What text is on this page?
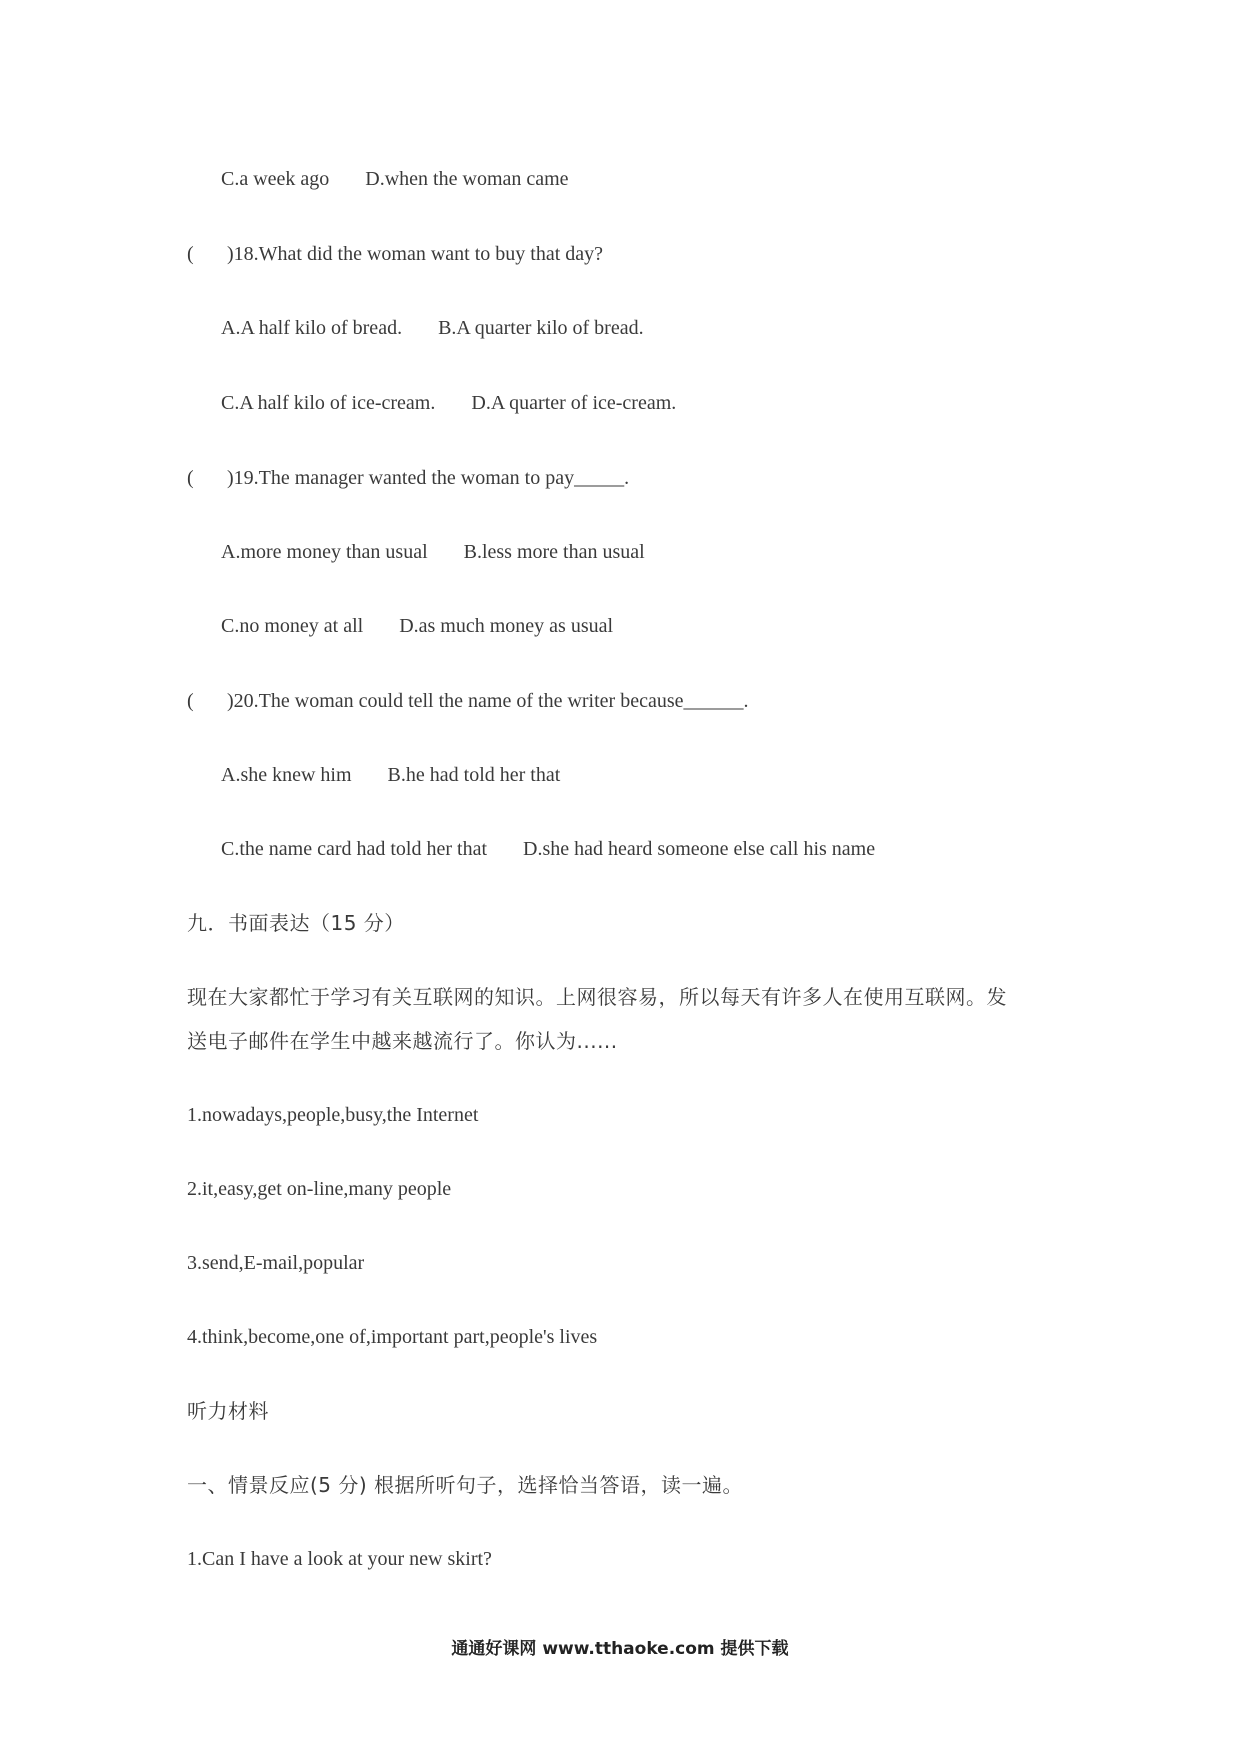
C.a week ago D.when the woman came
( )18.What did the woman want to buy that day?
A.A half kilo of bread. B.A quarter kilo of bread.
C.A half kilo of ice-cream. D.A quarter of ice-cream.
( )19.The manager wanted the woman to pay_____.
A.more money than usual B.less more than usual
C.no money at all D.as much money as usual
( )20.The woman could tell the name of the writer because______.
A.she knew him B.he had told her that
C.the name card had told her that D.she had heard someone else call his name
九．书面表达（15 分）
现在大家都忙于学习有关互联网的知识。上网很容易，所以每天有许多人在使用互联网。发
送电子邮件在学生中越来越流行了。你认为......
1.nowadays,people,busy,the Internet
2.it,easy,get on-line,many people
3.send,E-mail,popular
4.think,become,one of,important part,people's lives
听力材料
一、情景反应(5 分) 根据所听句子，选择恰当答语，读一遍。
1.Can I have a look at your new skirt?
通通好课网 www.tthaoke.com 提供下载
